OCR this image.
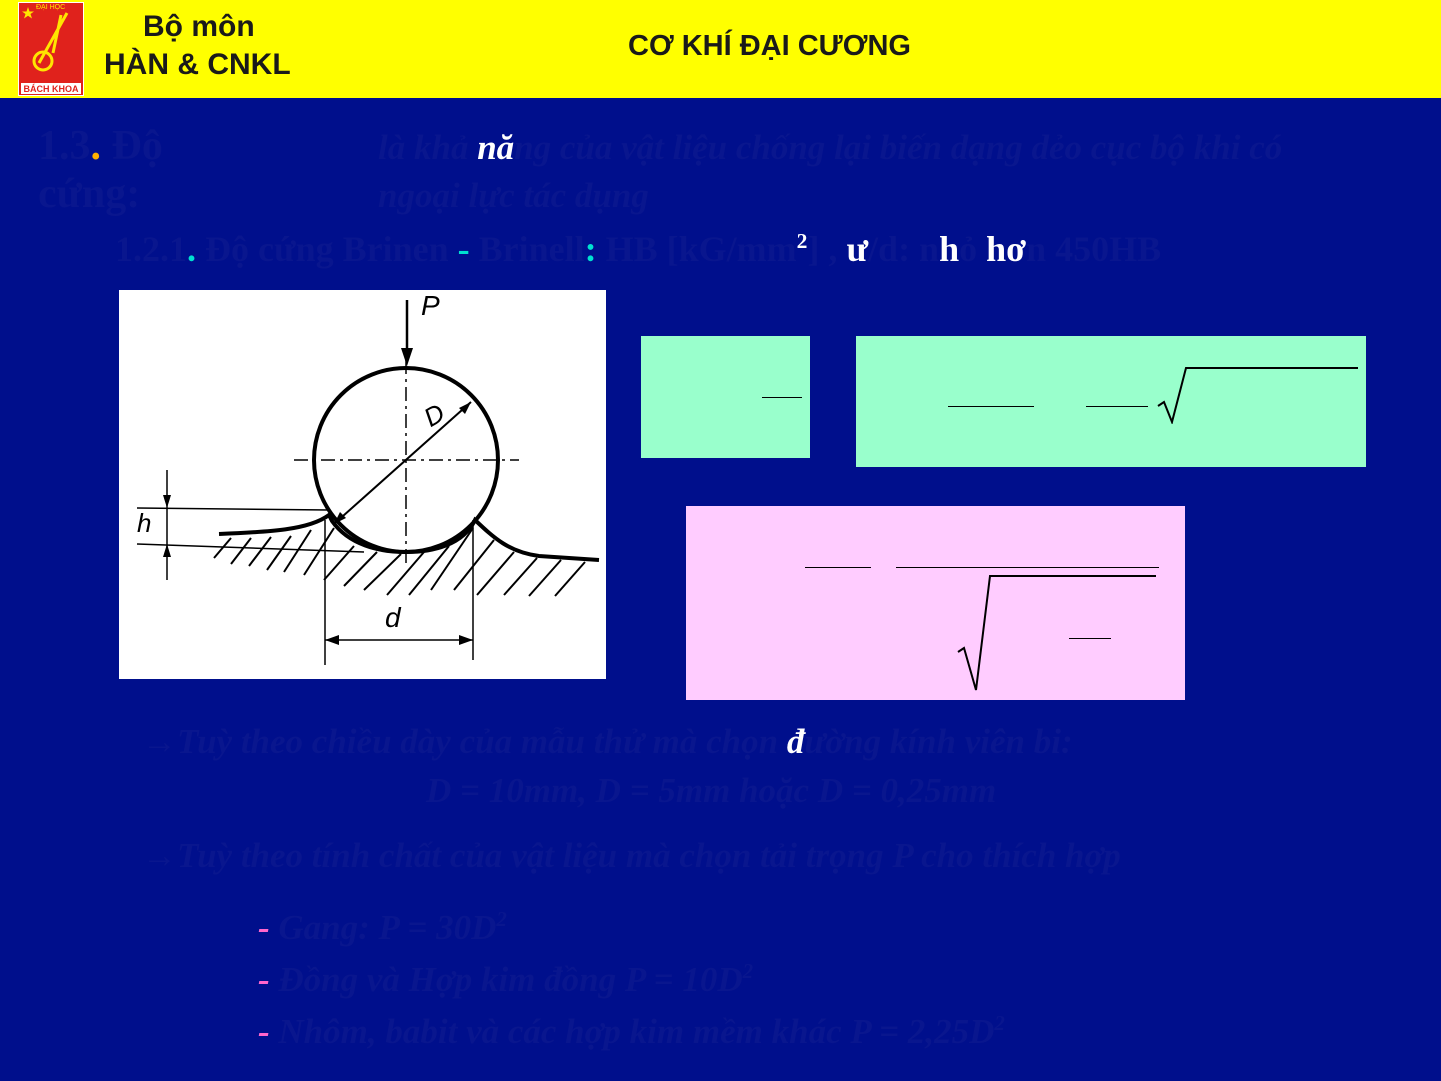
ĐẠI HỌC
BÁCH KHOA
Bộ môn
HÀN & CNKL
CƠ KHÍ ĐẠI CƯƠNG
1.3. Độ
cứng:
là khả năng của vật liệu chống lại biến dạng dẻo cục bộ khi có
ngoại lực tác dụng
1.2.1. Độ cứng Brinen - Brinell: HB $[kG/mm^2]$ , ư/d: nhỏ hơn 450HB
P
D
h
d
→Tuỳ theo chiều dày của mẫu thử mà chọn đường kính viên bi:
D = 10mm, D = 5mm hoặc D = 0,25mm
→Tuỳ theo tính chất của vật liệu mà chọn tải trọng P cho thích hợp
- Gang: $P = 30D^2$
- Đồng và Hợp kim đồng $P = 10D^2$
- Nhôm, babit và các hợp kim mềm khác $P = 2,25D^2$
